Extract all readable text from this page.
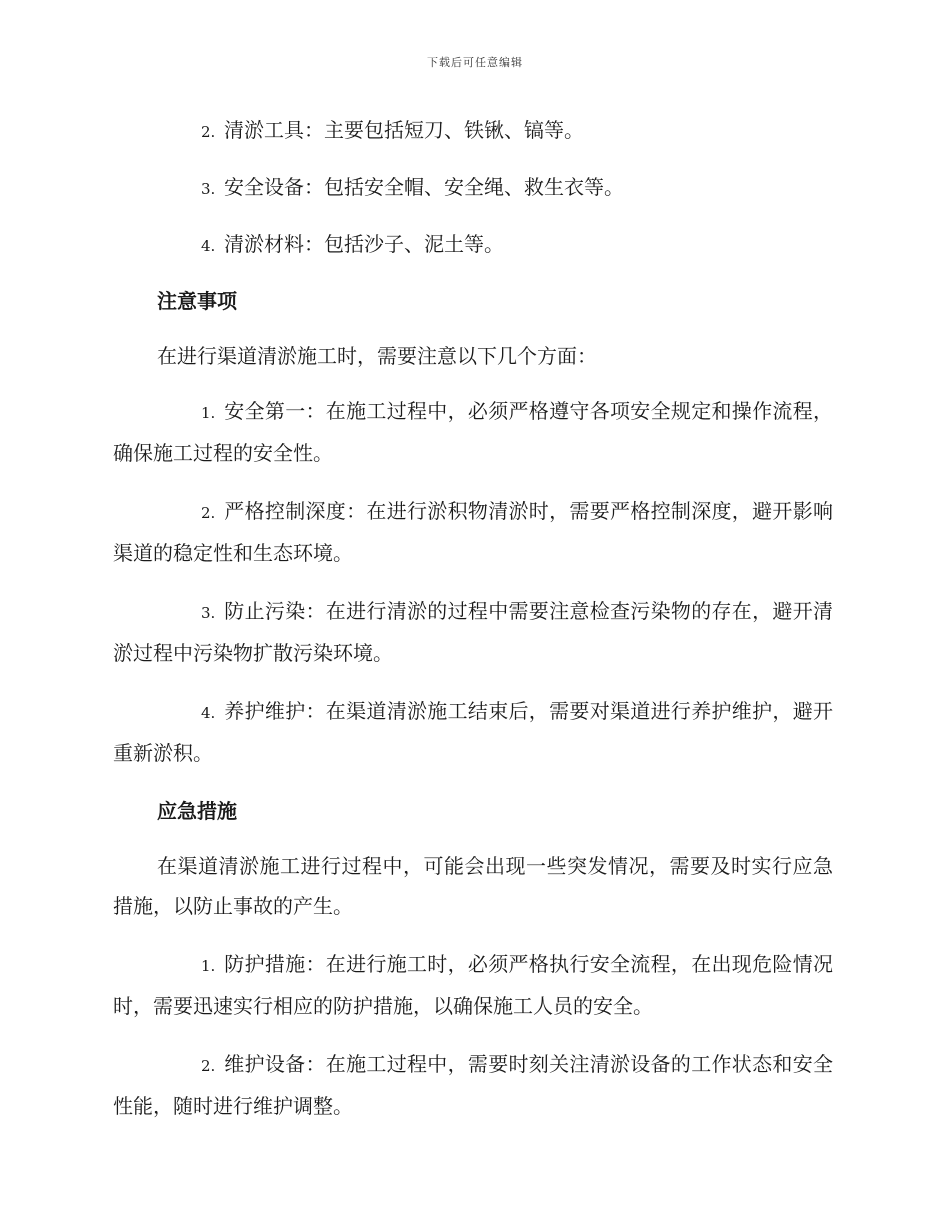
下载后可任意编辑

2. 清淤工具：主要包括短刀、铁锹、镐等。

3. 安全设备：包括安全帽、安全绳、救生衣等。

4. 清淤材料：包括沙子、泥土等。

注意事项

在进行渠道清淤施工时，需要注意以下几个方面：

1. 安全第一：在施工过程中，必须严格遵守各项安全规定和操作流程，确保施工过程的安全性。

2. 严格控制深度：在进行淤积物清淤时，需要严格控制深度，避开影响渠道的稳定性和生态环境。

3. 防止污染：在进行清淤的过程中需要注意检查污染物的存在，避开清淤过程中污染物扩散污染环境。

4. 养护维护：在渠道清淤施工结束后，需要对渠道进行养护维护，避开重新淤积。

应急措施

在渠道清淤施工进行过程中，可能会出现一些突发情况，需要及时实行应急措施，以防止事故的产生。

1. 防护措施：在进行施工时，必须严格执行安全流程，在出现危险情况时，需要迅速实行相应的防护措施，以确保施工人员的安全。

2. 维护设备：在施工过程中，需要时刻关注清淤设备的工作状态和安全性能，随时进行维护调整。
